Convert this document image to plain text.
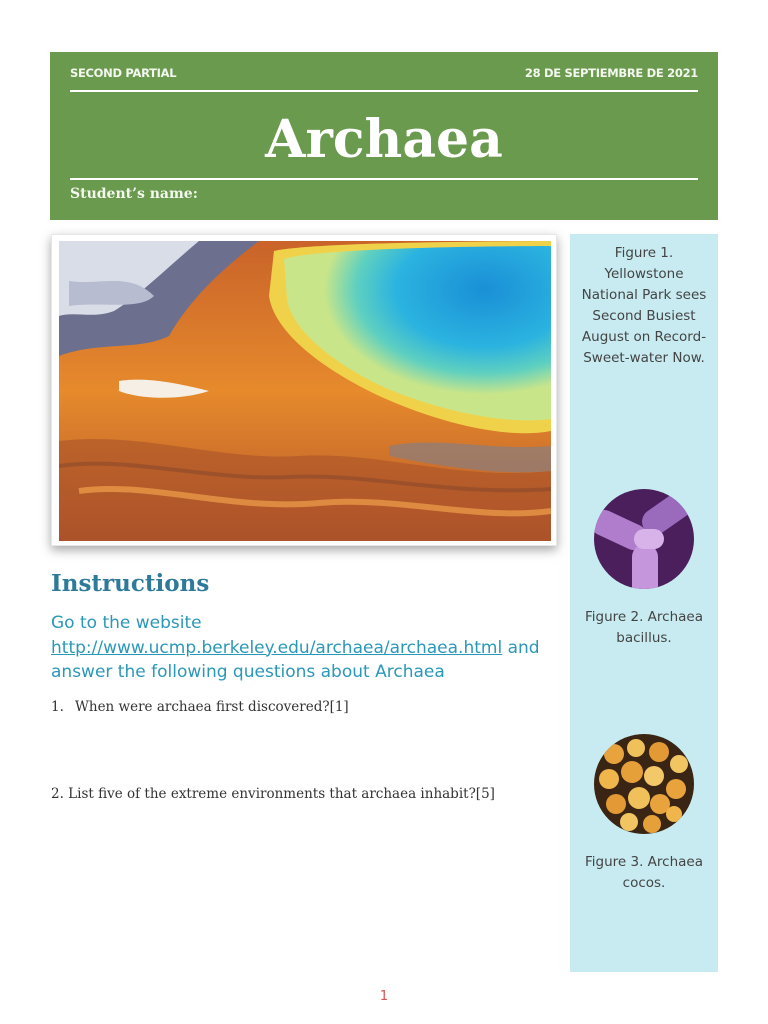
SECOND PARTIAL	28 DE SEPTIEMBRE DE 2021
Archaea
Student’s name:
Instructions
Go to the website http://www.ucmp.berkeley.edu/archaea/archaea.html and answer the following questions about Archaea
1. When were archaea first discovered?[1]
2. List five of the extreme environments that archaea inhabit?[5]
Figure 1. Yellowstone National Park sees Second Busiest August on Record- Sweet-water Now.
Figure 2. Archaea bacillus.
Figure 3. Archaea cocos.
1
